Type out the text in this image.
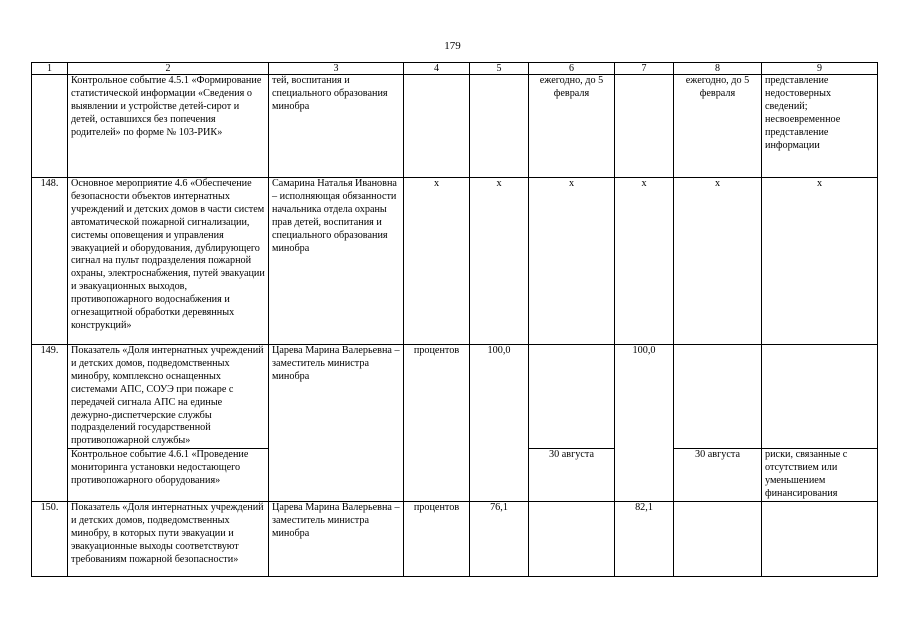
179
1	2	3	4	5	6	7	8	9
	Контрольное событие 4.5.1 «Формирование статистической информации «Сведения о выявлении и устройстве детей-сирот и детей, оставшихся без попечения родителей» по форме № 103-РИК»	тей, воспитания и специального образования минобра			ежегодно, до 5 февраля		ежегодно, до 5 февраля	представление недостоверных сведений; несвоевременное представление информации
148.	Основное мероприятие 4.6 «Обеспечение безопасности объектов интернатных учреждений и детских домов в части систем автоматической пожарной сигнализации, системы оповещения и управления эвакуацией и оборудования, дублирующего сигнал на пульт подразделения пожарной охраны, электроснабжения, путей эвакуации и эвакуационных выходов, противопожарного водоснабжения и огнезащитной обработки деревянных конструкций»	Самарина Наталья Ивановна – исполняющая обязанности начальника отдела охраны прав детей, воспитания и специального образования минобра	x	x	x	x	x	x
149.	Показатель «Доля интернатных учреждений и детских домов, подведомственных минобру, комплексно оснащенных системами АПС, СОУЭ при пожаре с передачей сигнала АПС на единые дежурно-диспетчерские службы подразделений государственной противопожарной службы»	Царева Марина Валерьевна – заместитель министра минобра	процентов	100,0		100,0		
	Контрольное событие 4.6.1 «Проведение мониторинга установки недостающего противопожарного оборудования»				30 августа		30 августа	риски, связанные с отсутствием или уменьшением финансирования
150.	Показатель «Доля интернатных учреждений и детских домов, подведомственных минобру, в которых пути эвакуации и эвакуационные выходы соответствуют требованиям пожарной безопасности»	Царева Марина Валерьевна – заместитель министра минобра	процентов	76,1		82,1		
